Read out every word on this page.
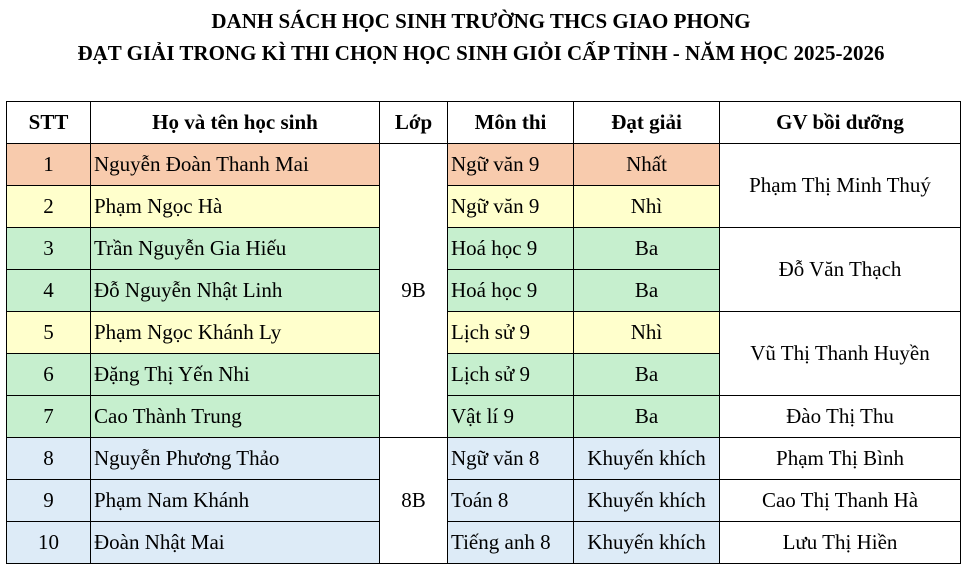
DANH SÁCH HỌC SINH TRƯỜNG THCS GIAO PHONG
ĐẠT GIẢI TRONG KÌ THI CHỌN HỌC SINH GIỎI CẤP TỈNH - NĂM HỌC 2025-2026
STT	Họ và tên học sinh	Lớp	Môn thi	Đạt giải	GV bồi dưỡng
1	Nguyễn Đoàn Thanh Mai	9B	Ngữ văn 9	Nhất	Phạm Thị Minh Thuý
2	Phạm Ngọc Hà		Ngữ văn 9	Nhì	
3	Trần Nguyễn Gia Hiếu		Hoá học 9	Ba	Đỗ Văn Thạch
4	Đỗ Nguyễn Nhật Linh		Hoá học 9	Ba	
5	Phạm Ngọc Khánh Ly		Lịch sử 9	Nhì	Vũ Thị Thanh Huyền
6	Đặng Thị Yến Nhi		Lịch sử 9	Ba	
7	Cao Thành Trung		Vật lí 9	Ba	Đào Thị Thu
8	Nguyễn Phương Thảo	8B	Ngữ văn 8	Khuyến khích	Phạm Thị Bình
9	Phạm Nam Khánh		Toán 8	Khuyến khích	Cao Thị Thanh Hà
10	Đoàn Nhật Mai		Tiếng anh 8	Khuyến khích	Lưu Thị Hiền
